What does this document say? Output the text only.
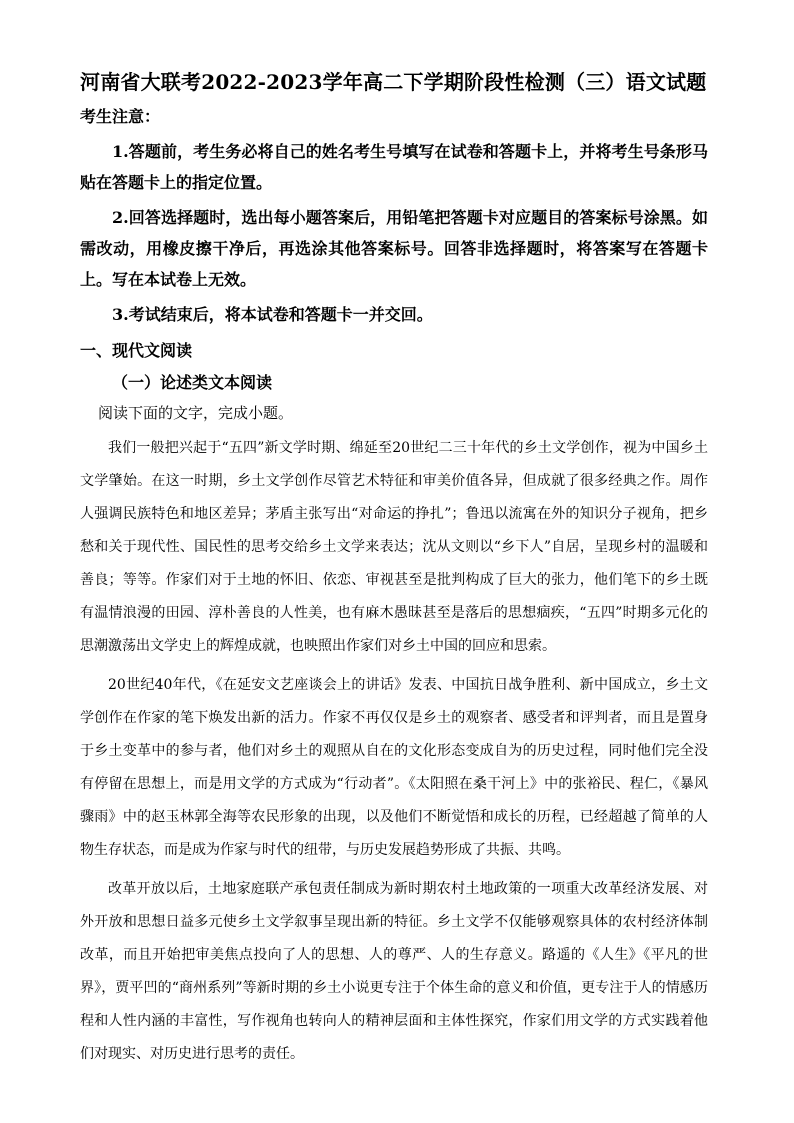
河南省大联考2022-2023学年高二下学期阶段性检测（三）语文试题
考生注意：

1.答题前，考生务必将自己的姓名考生号填写在试卷和答题卡上，并将考生号条形马贴在答题卡上的指定位置。

2.回答选择题时，选出每小题答案后，用铅笔把答题卡对应题目的答案标号涂黑。如需改动，用橡皮擦干净后，再选涂其他答案标号。回答非选择题时，将答案写在答题卡上。写在本试卷上无效。

3.考试结束后，将本试卷和答题卡一并交回。

一、现代文阅读
（一）论述类文本阅读
阅读下面的文字，完成小题。

我们一般把兴起于“五四”新文学时期、绵延至20世纪二三十年代的乡土文学创作，视为中国乡土文学肇始。在这一时期，乡土文学创作尽管艺术特征和审美价值各异，但成就了很多经典之作。周作人强调民族特色和地区差异；茅盾主张写出“对命运的挣扎”；鲁迅以流寓在外的知识分子视角，把乡愁和关于现代性、国民性的思考交给乡土文学来表达；沈从文则以“乡下人”自居，呈现乡村的温暖和善良；等等。作家们对于土地的怀旧、依恋、审视甚至是批判构成了巨大的张力，他们笔下的乡土既有温情浪漫的田园、淳朴善良的人性美，也有麻木愚昧甚至是落后的思想痼疾，“五四”时期多元化的思潮激荡出文学史上的辉煌成就，也映照出作家们对乡土中国的回应和思索。

20世纪40年代，《在延安文艺座谈会上的讲话》发表、中国抗日战争胜利、新中国成立，乡土文学创作在作家的笔下焕发出新的活力。作家不再仅仅是乡土的观察者、感受者和评判者，而且是置身于乡土变革中的参与者，他们对乡土的观照从自在的文化形态变成自为的历史过程，同时他们完全没有停留在思想上，而是用文学的方式成为“行动者”。《太阳照在桑干河上》中的张裕民、程仁，《暴风骤雨》中的赵玉林郭全海等农民形象的出现，以及他们不断觉悟和成长的历程，已经超越了简单的人物生存状态，而是成为作家与时代的纽带，与历史发展趋势形成了共振、共鸣。

改革开放以后，土地家庭联产承包责任制成为新时期农村土地政策的一项重大改革经济发展、对外开放和思想日益多元使乡土文学叙事呈现出新的特征。乡土文学不仅能够观察具体的农村经济体制改革，而且开始把审美焦点投向了人的思想、人的尊严、人的生存意义。路遥的《人生》《平凡的世界》，贾平凹的“商州系列”等新时期的乡土小说更专注于个体生命的意义和价值，更专注于人的情感历程和人性内涵的丰富性，写作视角也转向人的精神层面和主体性探究，作家们用文学的方式实践着他们对现实、对历史进行思考的责任。
